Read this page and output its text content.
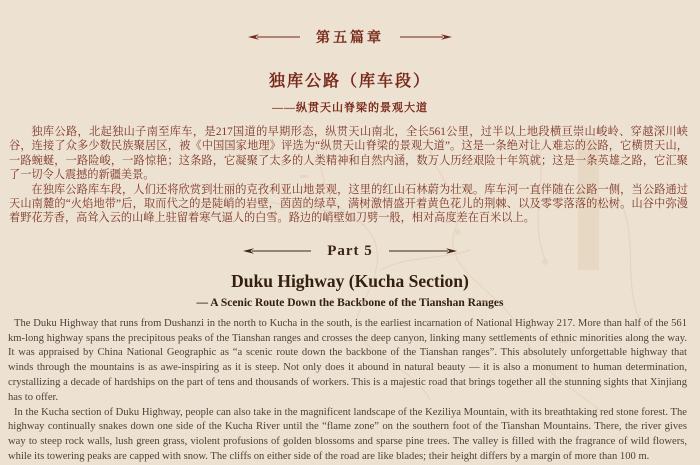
第五篇章
独库公路（库车段）
——纵贯天山脊梁的景观大道

独库公路，北起独山子南至库车，是217国道的早期形态，纵贯天山南北，全长561公里，过半以上地段横亘崇山峻岭、穿越深川峡谷，连接了众多少数民族聚居区，被《中国国家地理》评选为“纵贯天山脊梁的景观大道”。这是一条绝对让人难忘的公路，它横贯天山，一路蜿蜒，一路险峻，一路惊艳；这条路，它凝聚了太多的人类精神和自然内涵，数万人历经艰险十年筑就；这是一条英雄之路，它汇聚了一切令人震撼的新疆美景。

在独库公路库车段，人们还将欣赏到壮丽的克孜利亚山地景观，这里的红山石林蔚为壮观。库车河一直伴随在公路一侧，当公路通过天山南麓的“火焰地带”后，取而代之的是陡峭的岩壁，茵茵的绿草，满树激情盛开着黄色花儿的荆棘、以及零零落落的松树。山谷中弥漫着野花芳香，高耸入云的山峰上驻留着寒气逼人的白雪。路边的峭壁如刀劈一般，相对高度差在百米以上。

Part 5
Duku Highway (Kucha Section)
— A Scenic Route Down the Backbone of the Tianshan Ranges

The Duku Highway that runs from Dushanzi in the north to Kucha in the south, is the earliest incarnation of National Highway 217. More than half of the 561 km-long highway spans the precipitous peaks of the Tianshan ranges and crosses the deep canyon, linking many settlements of ethnic minorities along the way. It was appraised by China National Geographic as “a scenic route down the backbone of the Tianshan ranges”. This absolutely unforgettable highway that winds through the mountains is as awe-inspiring as it is steep. Not only does it abound in natural beauty — it is also a monument to human determination, crystallizing a decade of hardships on the part of tens and thousands of workers. This is a majestic road that brings together all the stunning sights that Xinjiang has to offer.

In the Kucha section of Duku Highway, people can also take in the magnificent landscape of the Keziliya Mountain, with its breathtaking red stone forest. The highway continually snakes down one side of the Kucha River until the “flame zone” on the southern foot of the Tianshan Mountains. There, the river gives way to steep rock walls, lush green grass, violent profusions of golden blossoms and sparse pine trees. The valley is filled with the fragrance of wild flowers, while its towering peaks are capped with snow. The cliffs on either side of the road are like blades; their height differs by a margin of more than 100 m.
